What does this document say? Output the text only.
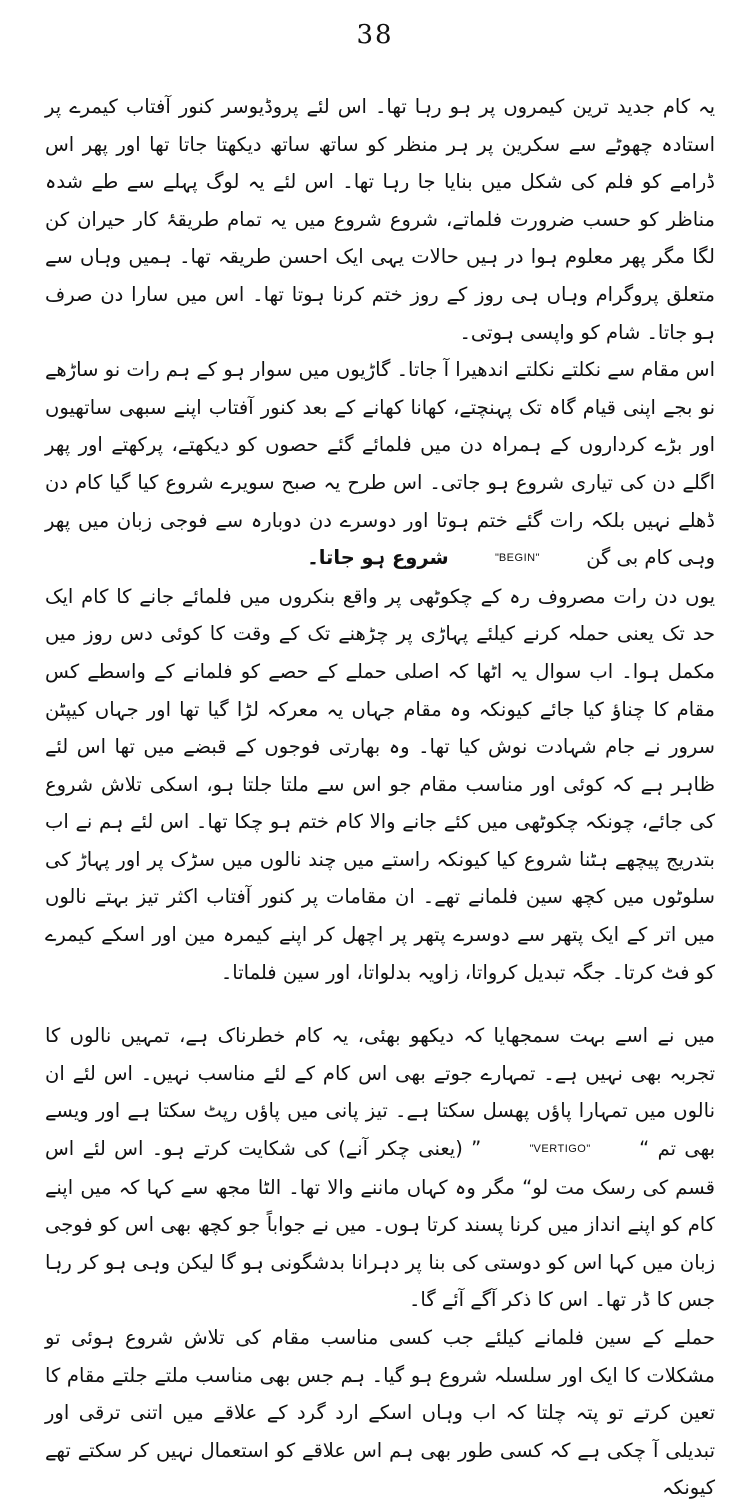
38

یہ کام جدید ترین کیمروں پر ہو رہا تھا۔ اس لئے پروڈیوسر کنور آفتاب کیمرے پر استادہ چھوٹے سے سکرین پر ہر منظر کو ساتھ ساتھ دیکھتا جاتا تھا اور پھر اس ڈرامے کو فلم کی شکل میں بنایا جا رہا تھا۔ اس لئے یہ لوگ پہلے سے طے شدہ مناظر کو حسب ضرورت فلماتے، شروع شروع میں یہ تمام طریقۂ کار حیران کن لگا مگر پھر معلوم ہوا در ہیں حالات یہی ایک احسن طریقہ تھا۔ ہمیں وہاں سے متعلق پروگرام وہاں ہی روز کے روز ختم کرنا ہوتا تھا۔ اس میں سارا دن صرف ہو جاتا۔ شام کو واپسی ہوتی۔

اس مقام سے نکلتے نکلتے اندھیرا آ جاتا۔ گاڑیوں میں سوار ہو کے ہم رات نو ساڑھے نو بجے اپنی قیام گاہ تک پہنچتے، کھانا کھانے کے بعد کنور آفتاب اپنے سبھی ساتھیوں اور بڑے کرداروں کے ہمراہ دن میں فلمائے گئے حصوں کو دیکھتے، پرکھتے اور پھر اگلے دن کی تیاری شروع ہو جاتی۔ اس طرح یہ صبح سویرے شروع کیا گیا کام دن ڈھلے نہیں بلکہ رات گئے ختم ہوتا اور دوسرے دن دوبارہ سے فوجی زبان میں پھر وہی کام بی گن "BEGIN" شروع ہو جاتا۔

یوں دن رات مصروف رہ کے چکوٹھی پر واقع بنکروں میں فلمائے جانے کا کام ایک حد تک یعنی حملہ کرنے کیلئے پہاڑی پر چڑھنے تک کے وقت کا کوئی دس روز میں مکمل ہوا۔ اب سوال یہ اٹھا کہ اصلی حملے کے حصے کو فلمانے کے واسطے کس مقام کا چناؤ کیا جائے کیونکہ وہ مقام جہاں یہ معرکہ لڑا گیا تھا اور جہاں کیپٹن سرور نے جام شہادت نوش کیا تھا۔ وہ بھارتی فوجوں کے قبضے میں تھا اس لئے ظاہر ہے کہ کوئی اور مناسب مقام جو اس سے ملتا جلتا ہو، اسکی تلاش شروع کی جائے، چونکہ چکوٹھی میں کئے جانے والا کام ختم ہو چکا تھا۔ اس لئے ہم نے اب بتدریج پیچھے ہٹنا شروع کیا کیونکہ راستے میں چند نالوں میں سڑک پر اور پہاڑ کی سلوٹوں میں کچھ سین فلمانے تھے۔ ان مقامات پر کنور آفتاب اکثر تیز بہتے نالوں میں اتر کے ایک پتھر سے دوسرے پتھر پر اچھل کر اپنے کیمرہ مین اور اسکے کیمرے کو فٹ کرتا۔ جگہ تبدیل کرواتا، زاویہ بدلواتا، اور سین فلماتا۔

میں نے اسے بہت سمجھایا کہ دیکھو بھئی، یہ کام خطرناک ہے، تمہیں نالوں کا تجربہ بھی نہیں ہے۔ تمہارے جوتے بھی اس کام کے لئے مناسب نہیں۔ اس لئے ان نالوں میں تمہارا پاؤں پھسل سکتا ہے۔ تیز پانی میں پاؤں رپٹ سکتا ہے اور ویسے بھی تم “ "VERTIGO" ” (یعنی چکر آنے) کی شکایت کرتے ہو۔ اس لئے اس قسم کی رسک مت لو“ مگر وہ کہاں ماننے والا تھا۔ الٹا مجھ سے کہا کہ میں اپنے کام کو اپنے انداز میں کرنا پسند کرتا ہوں۔ میں نے جواباً جو کچھ بھی اس کو فوجی زبان میں کہا اس کو دوستی کی بنا پر دہرانا بدشگونی ہو گا لیکن وہی ہو کر رہا جس کا ڈر تھا۔ اس کا ذکر آگے آئے گا۔

حملے کے سین فلمانے کیلئے جب کسی مناسب مقام کی تلاش شروع ہوئی تو مشکلات کا ایک اور سلسلہ شروع ہو گیا۔ ہم جس بھی مناسب ملتے جلتے مقام کا تعین کرتے تو پتہ چلتا کہ اب وہاں اسکے ارد گرد کے علاقے میں اتنی ترقی اور تبدیلی آ چکی ہے کہ کسی طور بھی ہم اس علاقے کو استعمال نہیں کر سکتے تھے کیونکہ
